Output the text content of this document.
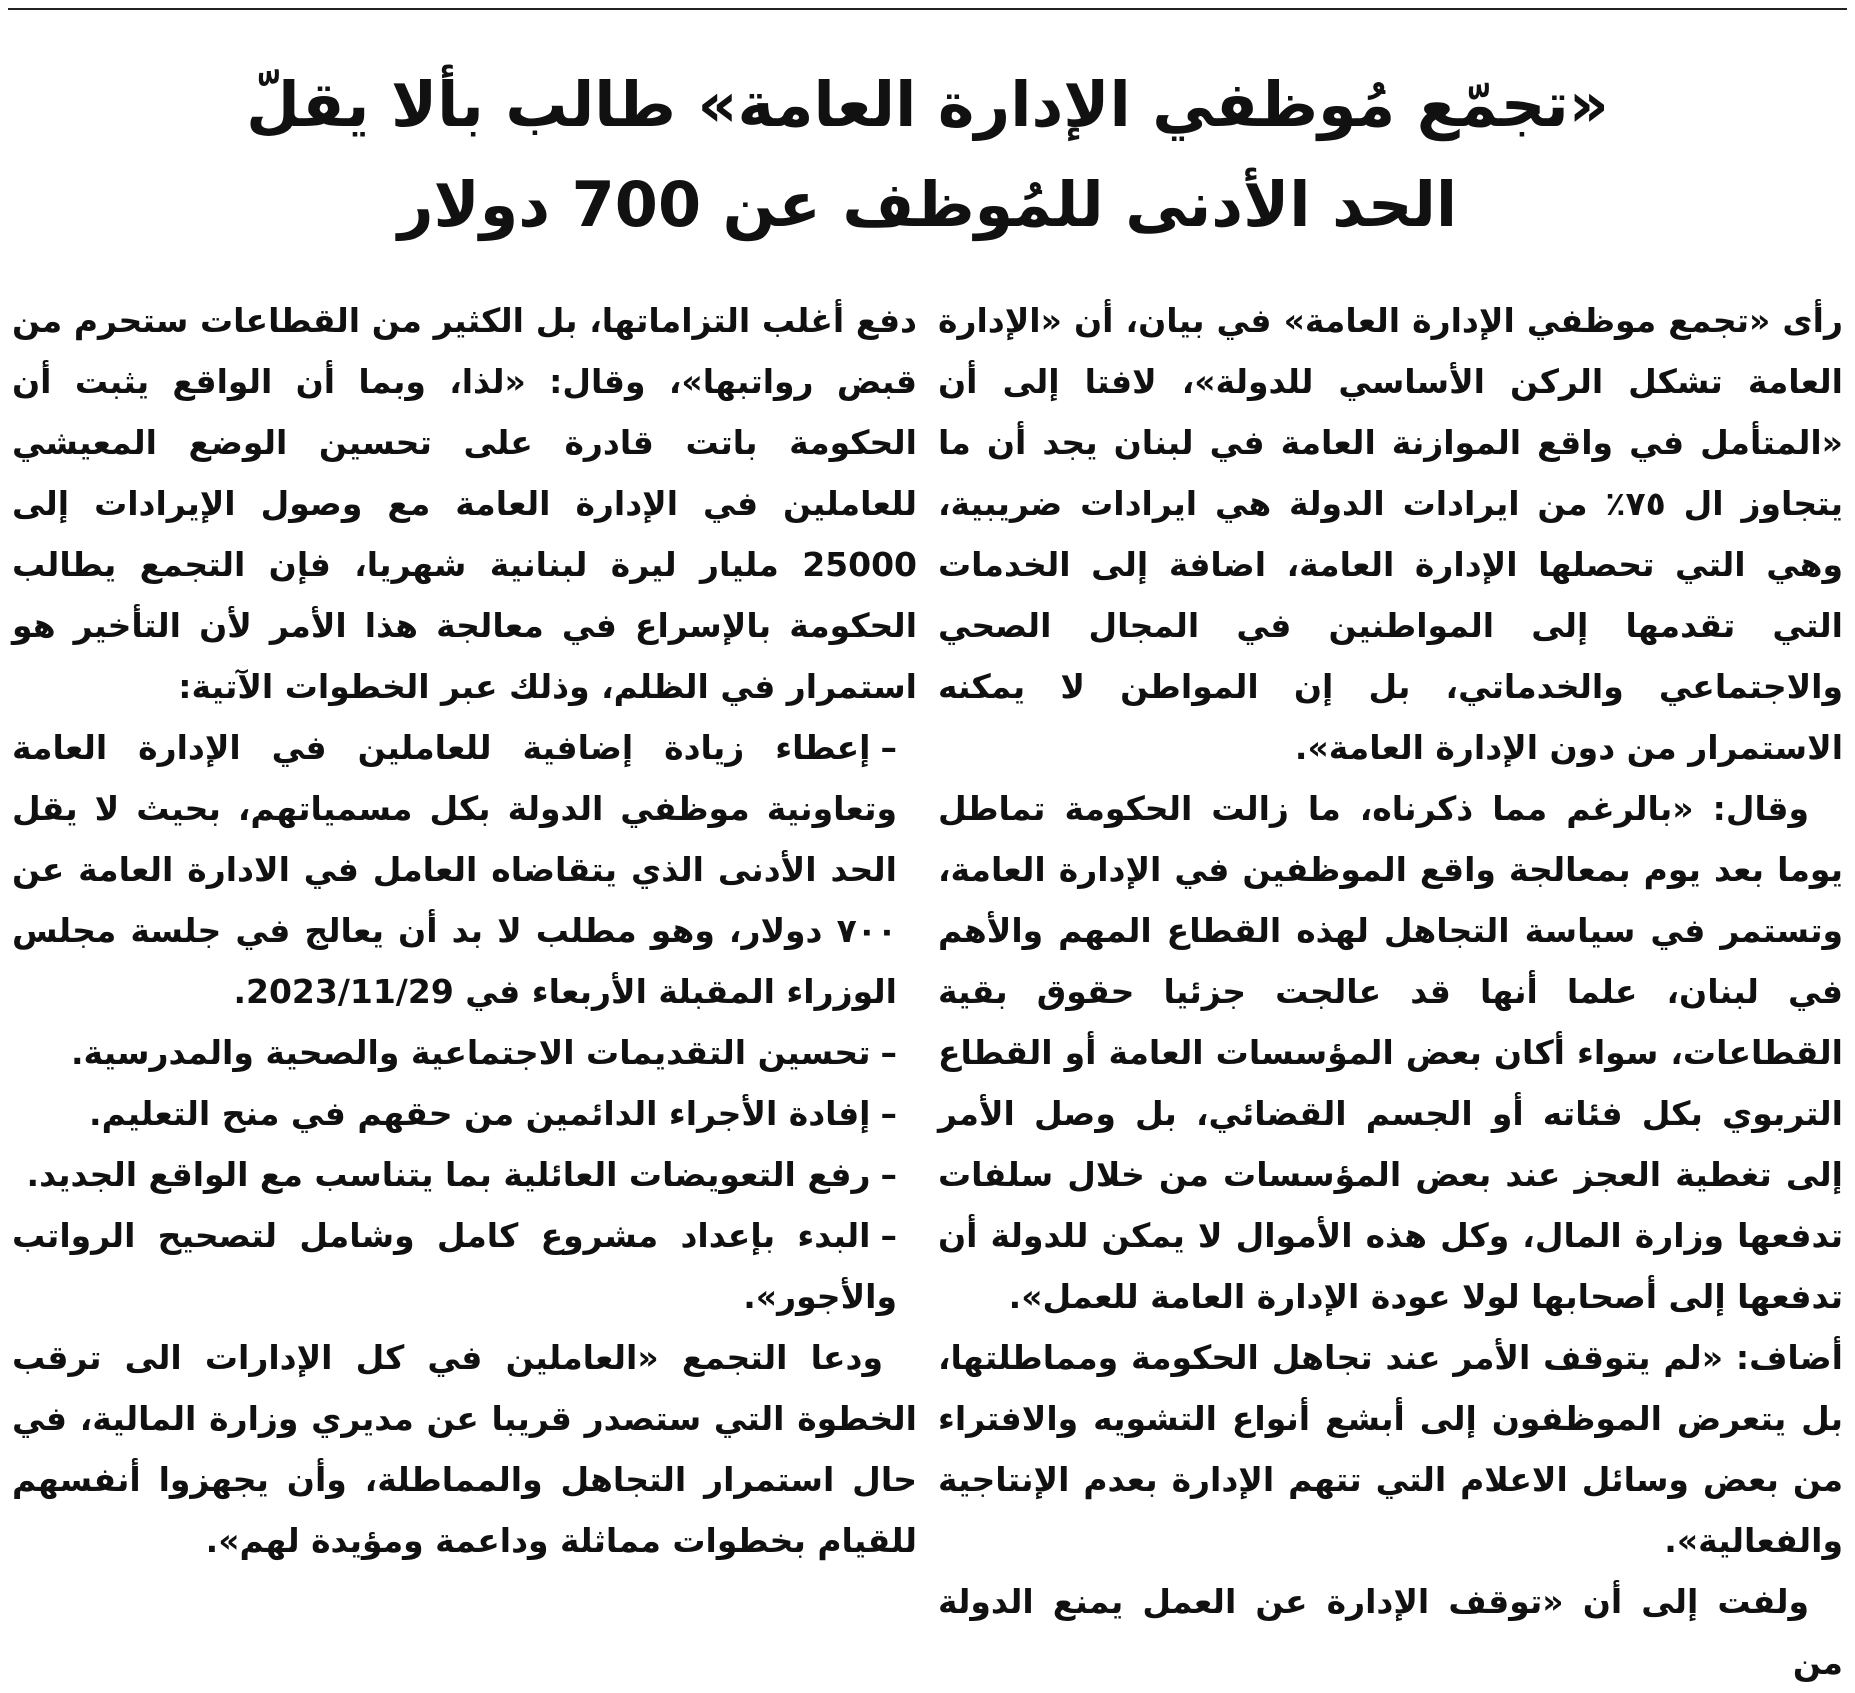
«تجمّع مُوظفي الإدارة العامة» طالب بألا يقلّ
الحد الأدنى للمُوظف عن 700 دولار

رأى «تجمع موظفي الإدارة العامة» في بيان، أن «الإدارة العامة تشكل الركن الأساسي للدولة»، لافتا إلى أن «المتأمل في واقع الموازنة العامة في لبنان يجد أن ما يتجاوز ال ٧٥٪ من ايرادات الدولة هي ايرادات ضريبية، وهي التي تحصلها الإدارة العامة، اضافة إلى الخدمات التي تقدمها إلى المواطنين في المجال الصحي والاجتماعي والخدماتي، بل إن المواطن لا يمكنه الاستمرار من دون الإدارة العامة».

وقال: «بالرغم مما ذكرناه، ما زالت الحكومة تماطل يوما بعد يوم بمعالجة واقع الموظفين في الإدارة العامة، وتستمر في سياسة التجاهل لهذه القطاع المهم والأهم في لبنان، علما أنها قد عالجت جزئيا حقوق بقية القطاعات، سواء أكان بعض المؤسسات العامة أو القطاع التربوي بكل فئاته أو الجسم القضائي، بل وصل الأمر إلى تغطية العجز عند بعض المؤسسات من خلال سلفات تدفعها وزارة المال، وكل هذه الأموال لا يمكن للدولة أن تدفعها إلى أصحابها لولا عودة الإدارة العامة للعمل».

أضاف: «لم يتوقف الأمر عند تجاهل الحكومة ومماطلتها، بل يتعرض الموظفون إلى أبشع أنواع التشويه والافتراء من بعض وسائل الاعلام التي تتهم الإدارة بعدم الإنتاجية والفعالية».

ولفت إلى أن «توقف الإدارة عن العمل يمنع الدولة من

دفع أغلب التزاماتها، بل الكثير من القطاعات ستحرم من قبض رواتبها»، وقال: «لذا، وبما أن الواقع يثبت أن الحكومة باتت قادرة على تحسين الوضع المعيشي للعاملين في الإدارة العامة مع وصول الإيرادات إلى 25000 مليار ليرة لبنانية شهريا، فإن التجمع يطالب الحكومة بالإسراع في معالجة هذا الأمر لأن التأخير هو استمرار في الظلم، وذلك عبر الخطوات الآتية:

–إعطاء زيادة إضافية للعاملين في الإدارة العامة وتعاونية موظفي الدولة بكل مسمياتهم، بحيث لا يقل الحد الأدنى الذي يتقاضاه العامل في الادارة العامة عن ٧٠٠ دولار، وهو مطلب لا بد أن يعالج في جلسة مجلس الوزراء المقبلة الأربعاء في 2023/11/29.

–تحسين التقديمات الاجتماعية والصحية والمدرسية.

–إفادة الأجراء الدائمين من حقهم في منح التعليم.

–رفع التعويضات العائلية بما يتناسب مع الواقع الجديد.

–البدء بإعداد مشروع كامل وشامل لتصحيح الرواتب والأجور».

ودعا التجمع «العاملين في كل الإدارات الى ترقب الخطوة التي ستصدر قريبا عن مديري وزارة المالية، في حال استمرار التجاهل والمماطلة، وأن يجهزوا أنفسهم للقيام بخطوات مماثلة وداعمة ومؤيدة لهم».
